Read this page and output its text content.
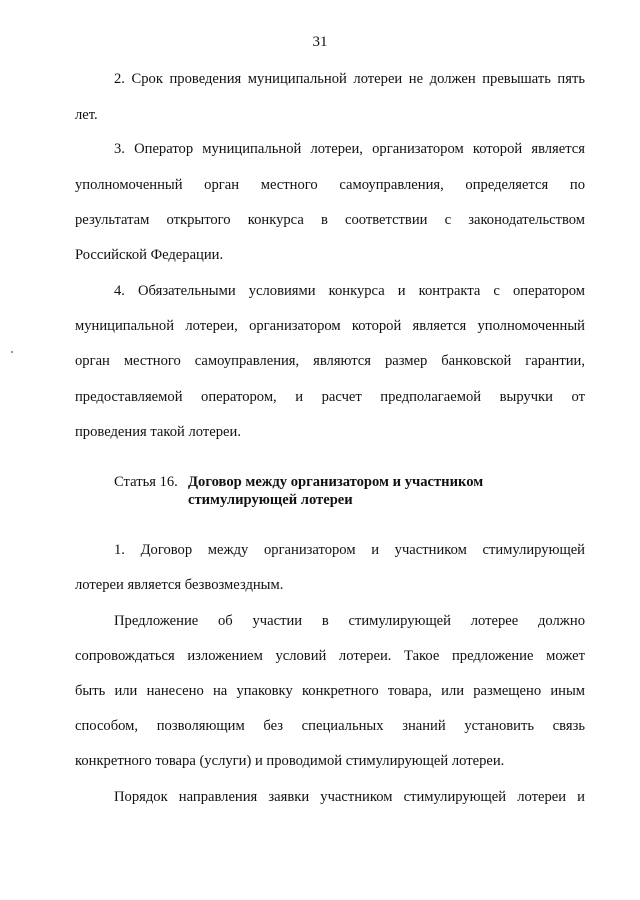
31
2. Срок проведения муниципальной лотереи не должен превышать пять
лет.
3. Оператор муниципальной лотереи, организатором которой является
уполномоченный орган местного самоуправления, определяется по
результатам открытого конкурса в соответствии с законодательством
Российской Федерации.
4. Обязательными условиями конкурса и контракта с оператором
муниципальной лотереи, организатором которой является уполномоченный
орган местного самоуправления, являются размер банковской гарантии,
предоставляемой оператором, и расчет предполагаемой выручки от
проведения такой лотереи.
Статья 16. Договор между организатором и участником
стимулирующей лотереи
1. Договор между организатором и участником стимулирующей
лотереи является безвозмездным.
Предложение об участии в стимулирующей лотерее должно
сопровождаться изложением условий лотереи. Такое предложение может
быть или нанесено на упаковку конкретного товара, или размещено иным
способом, позволяющим без специальных знаний установить связь
конкретного товара (услуги) и проводимой стимулирующей лотереи.
Порядок направления заявки участником стимулирующей лотереи и
